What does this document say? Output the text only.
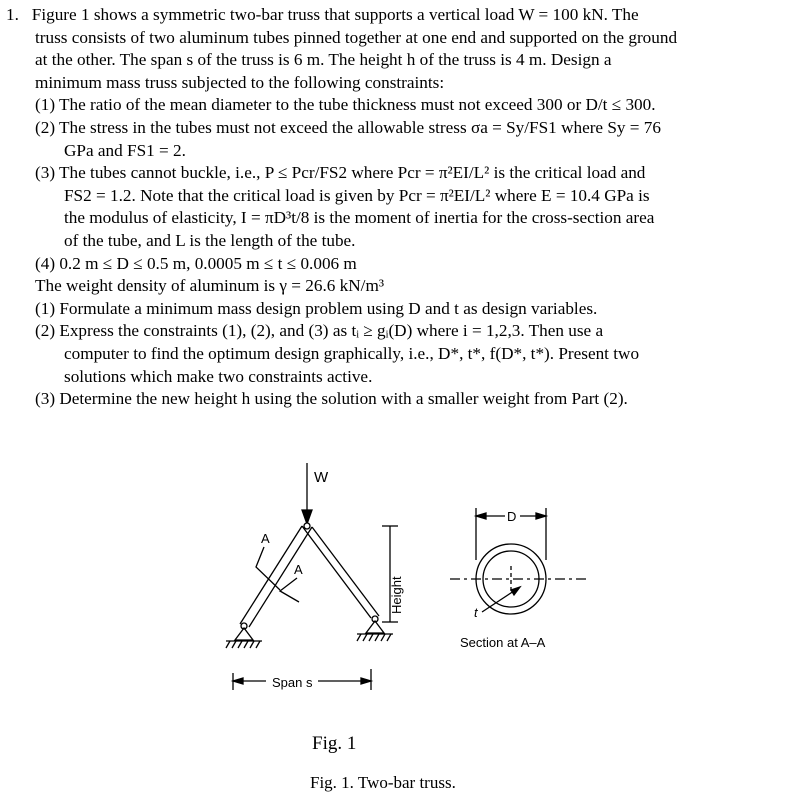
1. Figure 1 shows a symmetric two-bar truss that supports a vertical load W = 100 kN. The

truss consists of two aluminum tubes pinned together at one end and supported on the ground

at the other. The span s of the truss is 6 m. The height h of the truss is 4 m. Design a

minimum mass truss subjected to the following constraints:

(1) The ratio of the mean diameter to the tube thickness must not exceed 300 or D/t ≤ 300.

(2) The stress in the tubes must not exceed the allowable stress σa = Sy/FS1 where Sy = 76

GPa and FS1 = 2.

(3) The tubes cannot buckle, i.e., P ≤ Pcr/FS2 where Pcr = π²EI/L² is the critical load and

FS2 = 1.2. Note that the critical load is given by Pcr = π²EI/L² where E = 10.4 GPa is

the modulus of elasticity, I = πD³t/8 is the moment of inertia for the cross-section area

of the tube, and L is the length of the tube.

(4) 0.2 m ≤ D ≤ 0.5 m, 0.0005 m ≤ t ≤ 0.006 m

The weight density of aluminum is γ = 26.6 kN/m³

(1) Formulate a minimum mass design problem using D and t as design variables.

(2) Express the constraints (1), (2), and (3) as tᵢ ≥ gᵢ(D) where i = 1,2,3. Then use a

computer to find the optimum design graphically, i.e., D*, t*, f(D*, t*). Present two

solutions which make two constraints active.

(3) Determine the new height h using the solution with a smaller weight from Part (2).

W
A
A
Height
Span s
D
t
Section at A–A
Fig. 1
Fig. 1. Two-bar truss.
